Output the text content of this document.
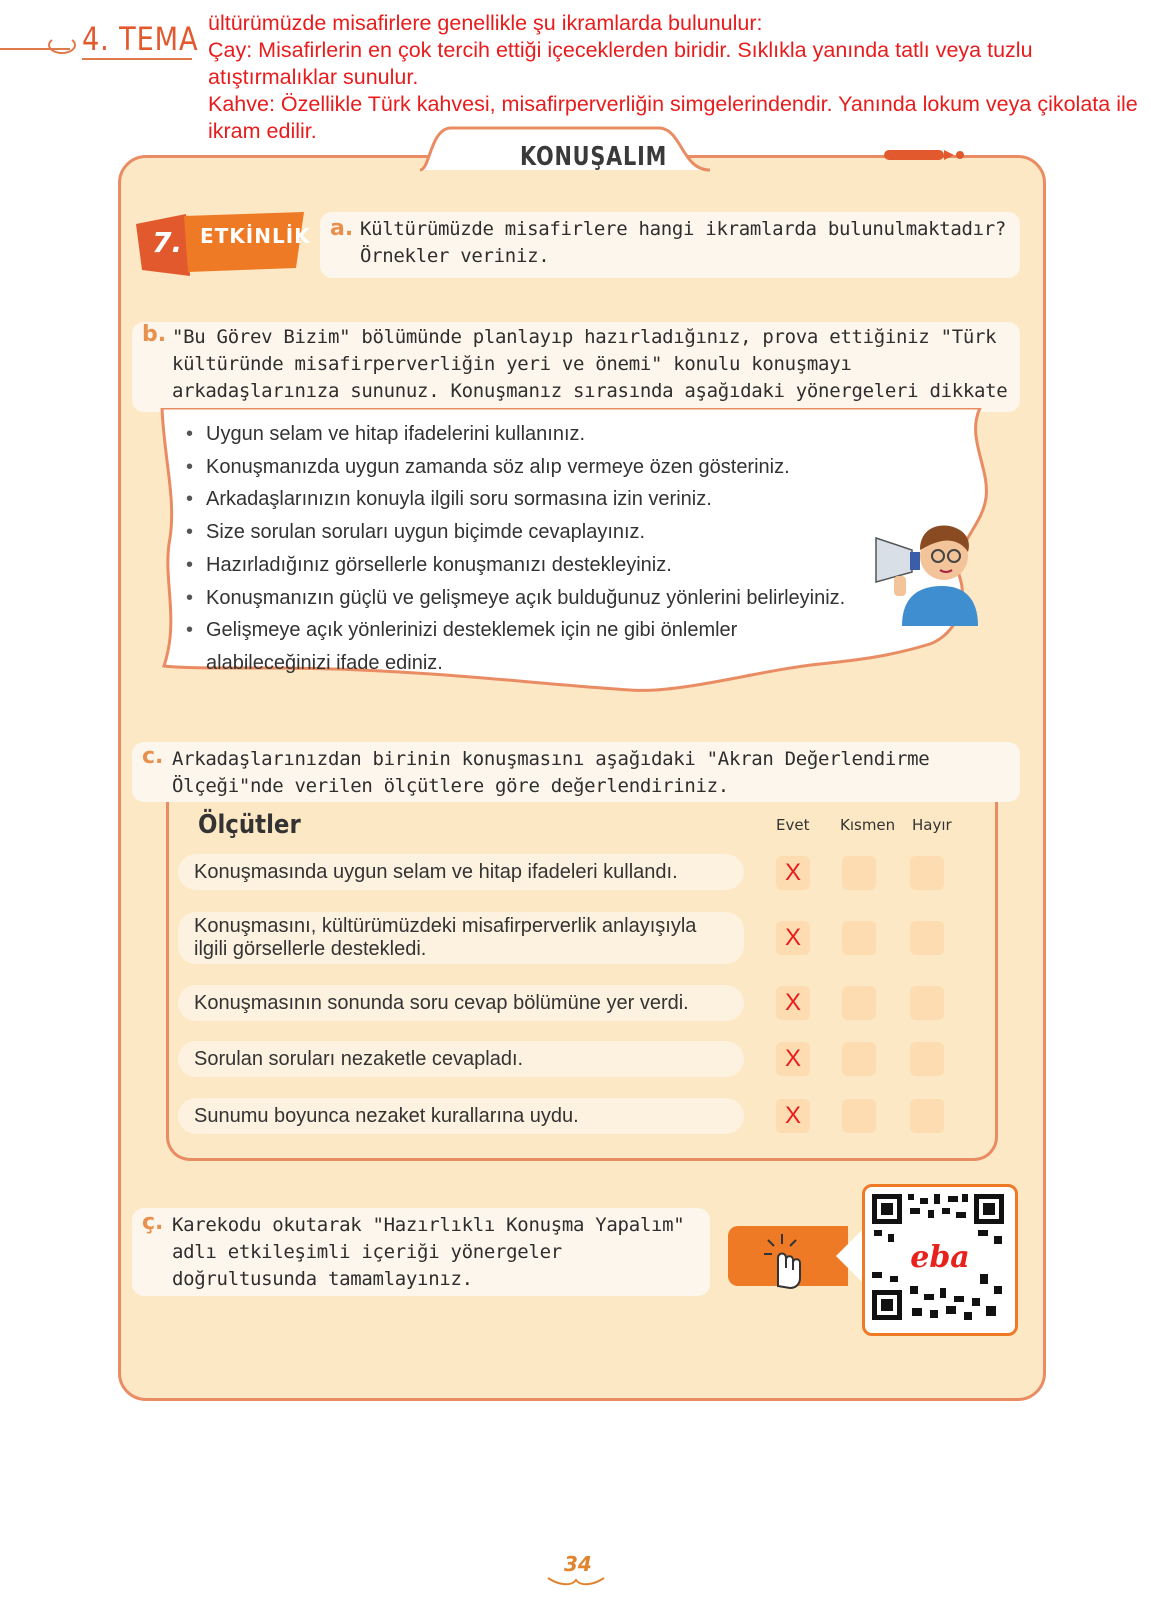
4. TEMA ültürümüzde misafirlere genellikle şu ikramlarda bulunulur:

Çay: Misafirlerin en çok tercih ettiği içeceklerden biridir. Sıklıkla yanında tatlı veya tuzlu atıştırmalıklar sunulur.

Kahve: Özellikle Türk kahvesi, misafirperverliğin simgelerindendir. Yanında lokum veya çikolata ile ikram edilir.

KONUŞALIM
7. ETKİNLİK a. Kültürümüzde misafirlere hangi ikramlarda bulunulmaktadır? Örnekler veriniz.
b. "Bu Görev Bizim" bölümünde planlayıp hazırladığınız, prova ettiğiniz "Türk kültüründe misafirperverliğin yeri ve önemi" konulu konuşmayı arkadaşlarınıza sununuz. Konuşmanız sırasında aşağıdaki yönergeleri dikkate
• Uygun selam ve hitap ifadelerini kullanınız.
• Konuşmanızda uygun zamanda söz alıp vermeye özen gösteriniz.
• Arkadaşlarınızın konuyla ilgili soru sormasına izin veriniz.
• Size sorulan soruları uygun biçimde cevaplayınız.
• Hazırladığınız görsellerle konuşmanızı destekleyiniz.
• Konuşmanızın güçlü ve gelişmeye açık bulduğunuz yönlerini belirleyiniz.
• Gelişmeye açık yönlerinizi desteklemek için ne gibi önlemler alabileceğinizi ifade ediniz.
c. Arkadaşlarınızdan birinin konuşmasını aşağıdaki "Akran Değerlendirme Ölçeği"nde verilen ölçütlere göre değerlendiriniz.
Ölçütler	Evet Kısmen Hayır
Konuşmasında uygun selam ve hitap ifadeleri kullandı.	X
Konuşmasını, kültürümüzdeki misafirperverlik anlayışıyla ilgili görsellerle destekledi.	X
Konuşmasının sonunda soru cevap bölümüne yer verdi.	X
Sorulan soruları nezaketle cevapladı.	X
Sunumu boyunca nezaket kurallarına uydu.	X
ç. Karekodu okutarak "Hazırlıklı Konuşma Yapalım" adlı etkileşimli içeriği yönergeler doğrultusunda tamamlayınız.
eba
34
